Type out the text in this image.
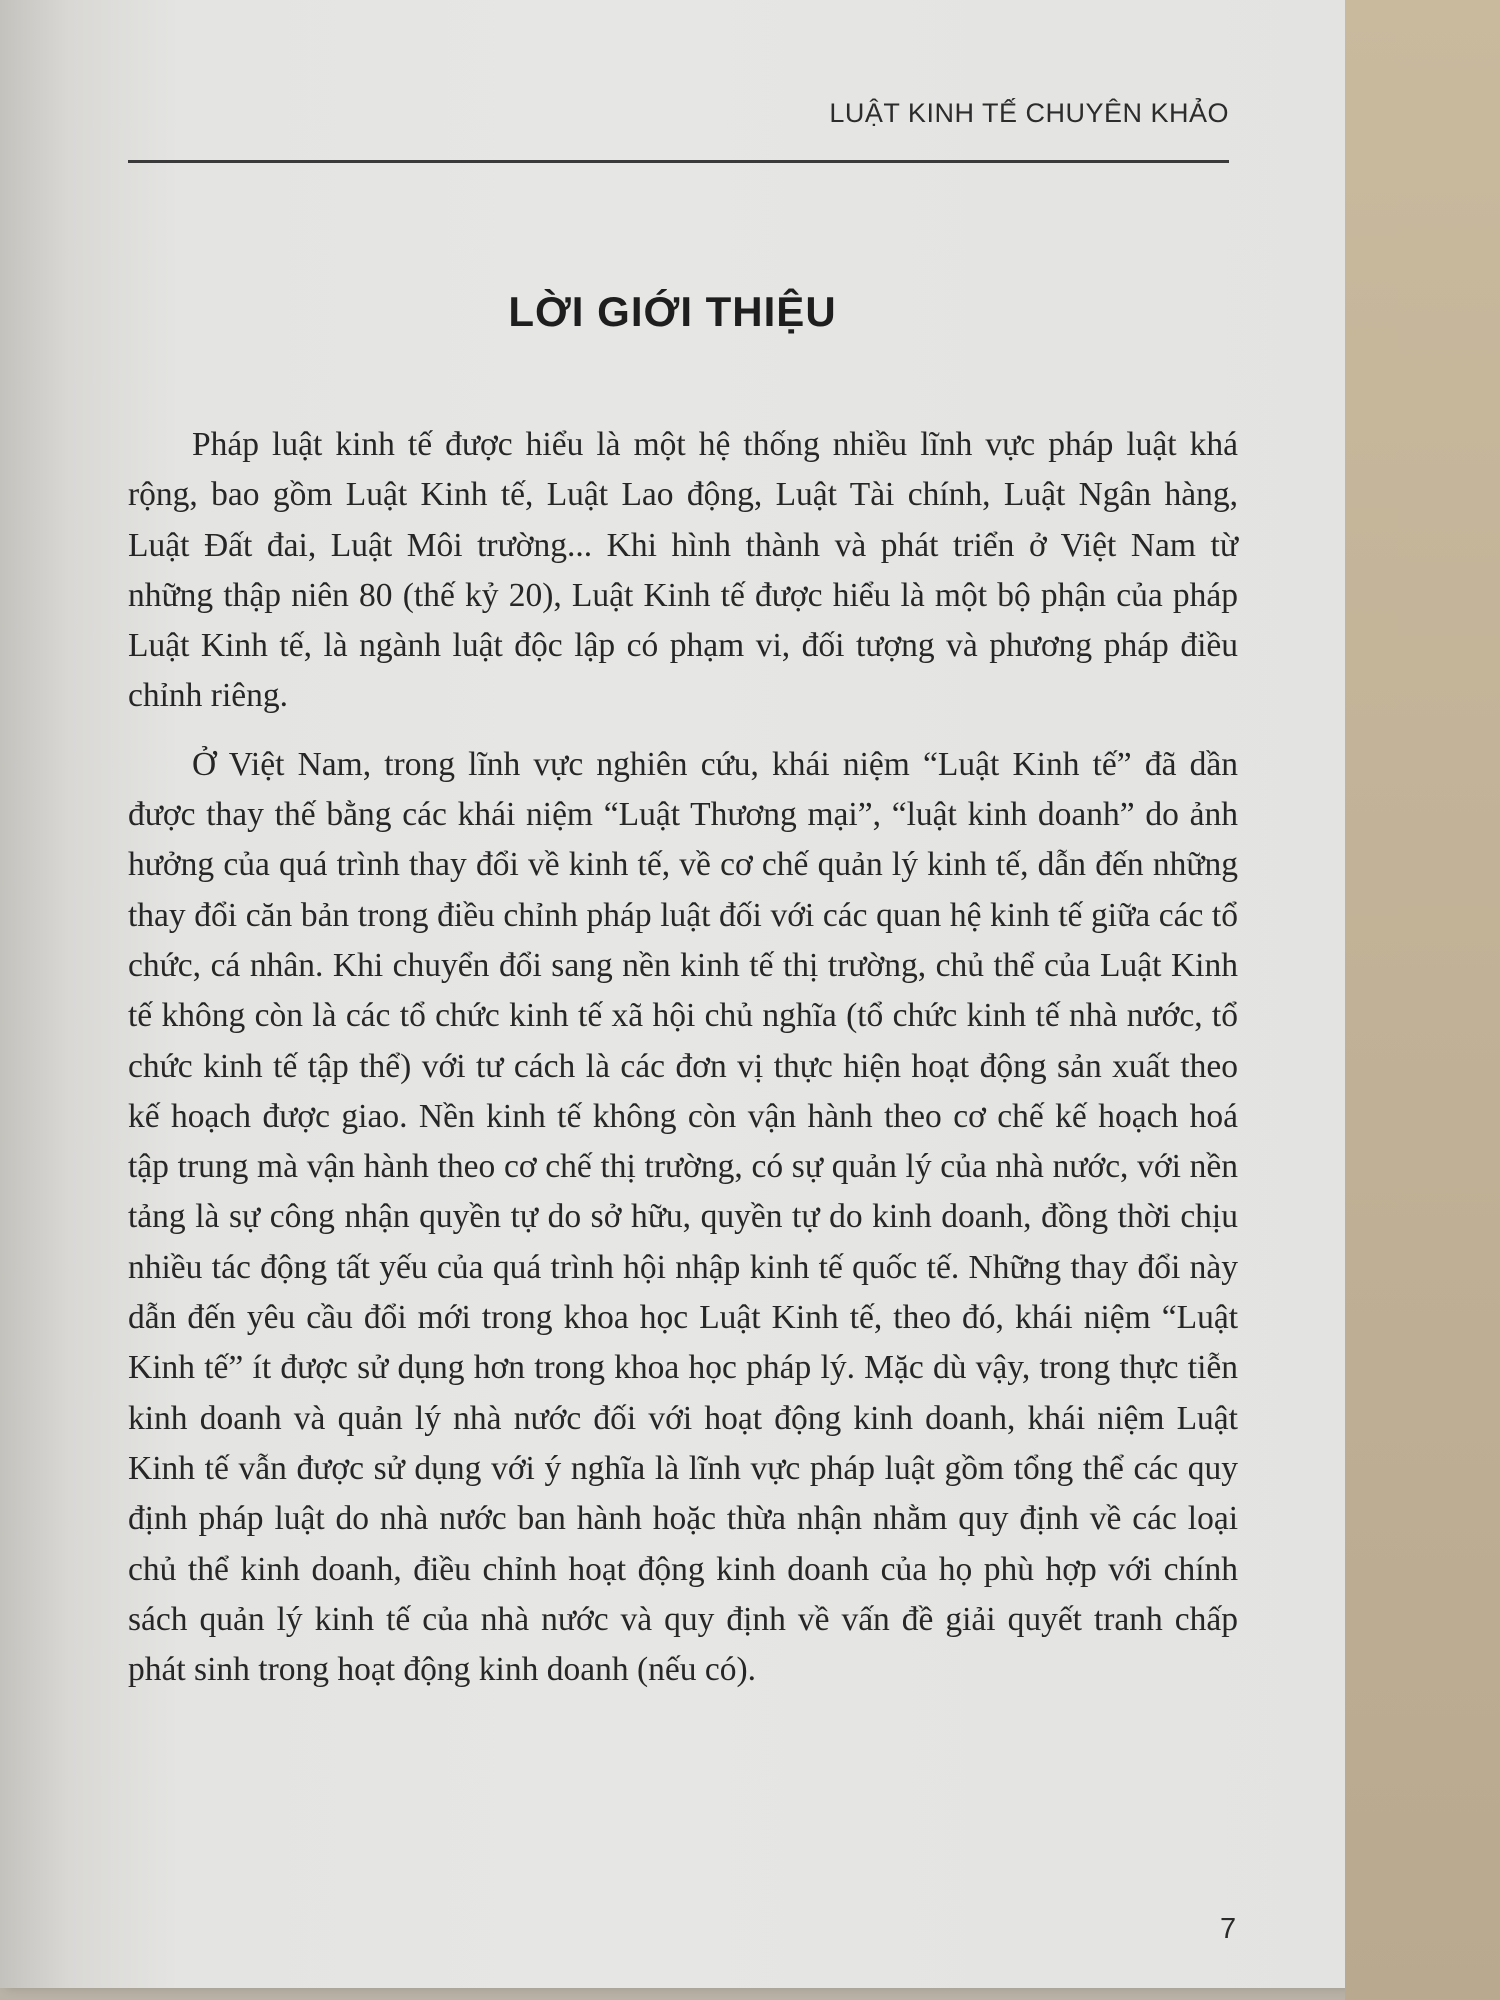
LUẬT KINH TẾ CHUYÊN KHẢO
LỜI GIỚI THIỆU

Pháp luật kinh tế được hiểu là một hệ thống nhiều lĩnh vực pháp luật khá rộng, bao gồm Luật Kinh tế, Luật Lao động, Luật Tài chính, Luật Ngân hàng, Luật Đất đai, Luật Môi trường... Khi hình thành và phát triển ở Việt Nam từ những thập niên 80 (thế kỷ 20), Luật Kinh tế được hiểu là một bộ phận của pháp Luật Kinh tế, là ngành luật độc lập có phạm vi, đối tượng và phương pháp điều chỉnh riêng.

Ở Việt Nam, trong lĩnh vực nghiên cứu, khái niệm “Luật Kinh tế” đã dần được thay thế bằng các khái niệm “Luật Thương mại”, “luật kinh doanh” do ảnh hưởng của quá trình thay đổi về kinh tế, về cơ chế quản lý kinh tế, dẫn đến những thay đổi căn bản trong điều chỉnh pháp luật đối với các quan hệ kinh tế giữa các tổ chức, cá nhân. Khi chuyển đổi sang nền kinh tế thị trường, chủ thể của Luật Kinh tế không còn là các tổ chức kinh tế xã hội chủ nghĩa (tổ chức kinh tế nhà nước, tổ chức kinh tế tập thể) với tư cách là các đơn vị thực hiện hoạt động sản xuất theo kế hoạch được giao. Nền kinh tế không còn vận hành theo cơ chế kế hoạch hoá tập trung mà vận hành theo cơ chế thị trường, có sự quản lý của nhà nước, với nền tảng là sự công nhận quyền tự do sở hữu, quyền tự do kinh doanh, đồng thời chịu nhiều tác động tất yếu của quá trình hội nhập kinh tế quốc tế. Những thay đổi này dẫn đến yêu cầu đổi mới trong khoa học Luật Kinh tế, theo đó, khái niệm “Luật Kinh tế” ít được sử dụng hơn trong khoa học pháp lý. Mặc dù vậy, trong thực tiễn kinh doanh và quản lý nhà nước đối với hoạt động kinh doanh, khái niệm Luật Kinh tế vẫn được sử dụng với ý nghĩa là lĩnh vực pháp luật gồm tổng thể các quy định pháp luật do nhà nước ban hành hoặc thừa nhận nhằm quy định về các loại chủ thể kinh doanh, điều chỉnh hoạt động kinh doanh của họ phù hợp với chính sách quản lý kinh tế của nhà nước và quy định về vấn đề giải quyết tranh chấp phát sinh trong hoạt động kinh doanh (nếu có).

7
